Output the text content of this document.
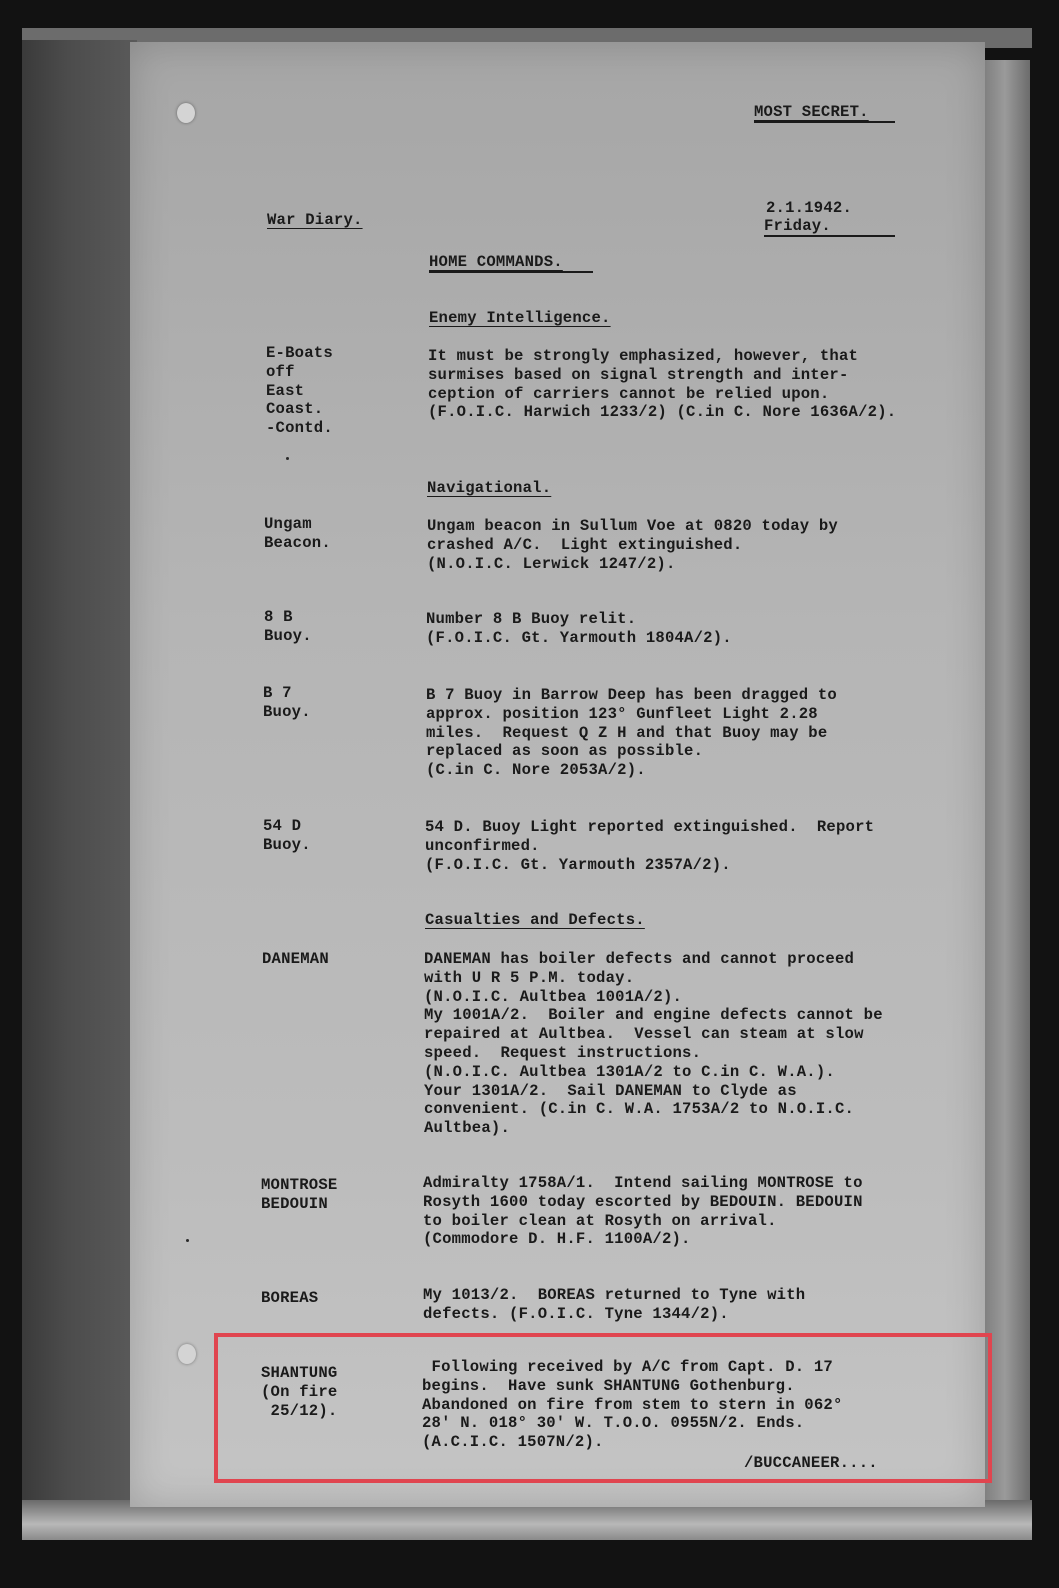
MOST SECRET.

War Diary.

2.1.1942.

Friday.

HOME COMMANDS.

Enemy Intelligence.

E-Boats
off
East
Coast.
-Contd.

It must be strongly emphasized, however, that
surmises based on signal strength and inter-
ception of carriers cannot be relied upon.
(F.O.I.C. Harwich 1233/2) (C.in C. Nore 1636A/2).

Navigational.

Ungam
Beacon.

Ungam beacon in Sullum Voe at 0820 today by
crashed A/C.  Light extinguished.
(N.O.I.C. Lerwick 1247/2).

8 B
Buoy.

Number 8 B Buoy relit.
(F.O.I.C. Gt. Yarmouth 1804A/2).

B 7
Buoy.

B 7 Buoy in Barrow Deep has been dragged to
approx. position 123° Gunfleet Light 2.28
miles.  Request Q Z H and that Buoy may be
replaced as soon as possible.
(C.in C. Nore 2053A/2).

54 D
Buoy.

54 D. Buoy Light reported extinguished.  Report
unconfirmed.
(F.O.I.C. Gt. Yarmouth 2357A/2).

Casualties and Defects.

DANEMAN	DANEMAN has boiler defects and cannot proceed
with U R 5 P.M. today.
(N.O.I.C. Aultbea 1001A/2).
My 1001A/2.  Boiler and engine defects cannot be
repaired at Aultbea.  Vessel can steam at slow
speed.  Request instructions.
(N.O.I.C. Aultbea 1301A/2 to C.in C. W.A.).
Your 1301A/2.  Sail DANEMAN to Clyde as
convenient. (C.in C. W.A. 1753A/2 to N.O.I.C.
Aultbea).

MONTROSE
BEDOUIN

Admiralty 1758A/1.  Intend sailing MONTROSE to
Rosyth 1600 today escorted by BEDOUIN. BEDOUIN
to boiler clean at Rosyth on arrival.
(Commodore D. H.F. 1100A/2).

BOREAS	My 1013/2.  BOREAS returned to Tyne with
defects. (F.O.I.C. Tyne 1344/2).

SHANTUNG
(On fire
25/12).

Following received by A/C from Capt. D. 17
begins.  Have sunk SHANTUNG Gothenburg.
Abandoned on fire from stem to stern in 062°
28' N. 018° 30' W. T.O.O. 0955N/2. Ends.
(A.C.I.C. 1507N/2).

/BUCCANEER....
